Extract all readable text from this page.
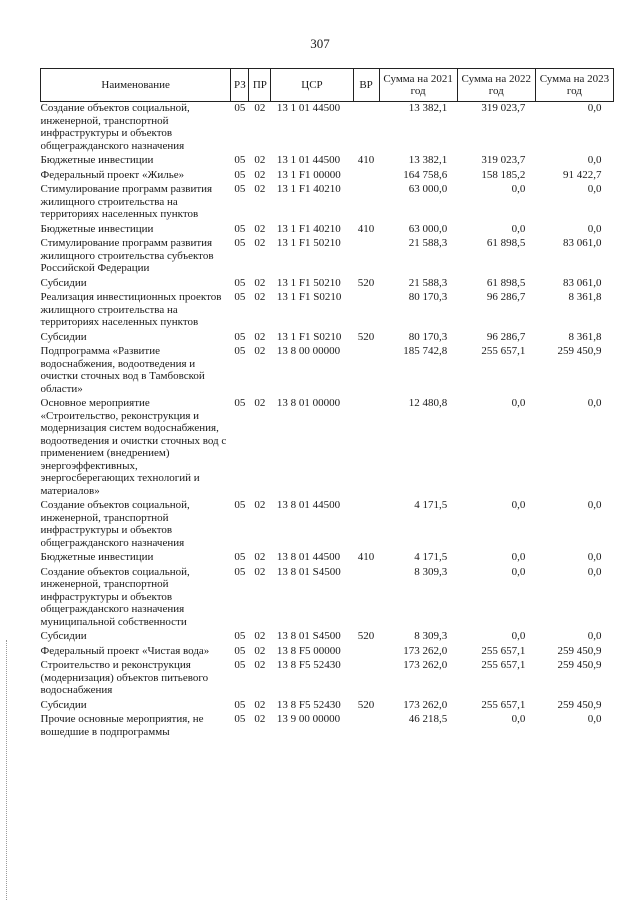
307
Наименование	РЗ	ПР	ЦСР	ВР	Сумма на 2021 год	Сумма на 2022 год	Сумма на 2023 год
Создание объектов социальной, инженерной, транспортной инфраструктуры и объектов общегражданского назначения	05	02	13 1 01 44500		13 382,1	319 023,7	0,0
Бюджетные инвестиции	05	02	13 1 01 44500	410	13 382,1	319 023,7	0,0
Федеральный проект «Жилье»	05	02	13 1 F1 00000		164 758,6	158 185,2	91 422,7
Стимулирование программ развития жилищного строительства на территориях населенных пунктов	05	02	13 1 F1 40210		63 000,0	0,0	0,0
Бюджетные инвестиции	05	02	13 1 F1 40210	410	63 000,0	0,0	0,0
Стимулирование программ развития жилищного строительства субъектов Российской Федерации	05	02	13 1 F1 50210		21 588,3	61 898,5	83 061,0
Субсидии	05	02	13 1 F1 50210	520	21 588,3	61 898,5	83 061,0
Реализация инвестиционных проектов жилищного строительства на территориях населенных пунктов	05	02	13 1 F1 S0210		80 170,3	96 286,7	8 361,8
Субсидии	05	02	13 1 F1 S0210	520	80 170,3	96 286,7	8 361,8
Подпрограмма «Развитие водоснабжения, водоотведения и очистки сточных вод в Тамбовской области»	05	02	13 8 00 00000		185 742,8	255 657,1	259 450,9
Основное мероприятие «Строительство, реконструкция и модернизация систем водоснабжения, водоотведения и очистки сточных вод с применением (внедрением) энергоэффективных, энергосберегающих технологий и материалов»	05	02	13 8 01 00000		12 480,8	0,0	0,0
Создание объектов социальной, инженерной, транспортной инфраструктуры и объектов общегражданского назначения	05	02	13 8 01 44500		4 171,5	0,0	0,0
Бюджетные инвестиции	05	02	13 8 01 44500	410	4 171,5	0,0	0,0
Создание объектов социальной, инженерной, транспортной инфраструктуры и объектов общегражданского назначения муниципальной собственности	05	02	13 8 01 S4500		8 309,3	0,0	0,0
Субсидии	05	02	13 8 01 S4500	520	8 309,3	0,0	0,0
Федеральный проект «Чистая вода»	05	02	13 8 F5 00000		173 262,0	255 657,1	259 450,9
Строительство и реконструкция (модернизация) объектов питьевого водоснабжения	05	02	13 8 F5 52430		173 262,0	255 657,1	259 450,9
Субсидии	05	02	13 8 F5 52430	520	173 262,0	255 657,1	259 450,9
Прочие основные мероприятия, не вошедшие в подпрограммы	05	02	13 9 00 00000		46 218,5	0,0	0,0
